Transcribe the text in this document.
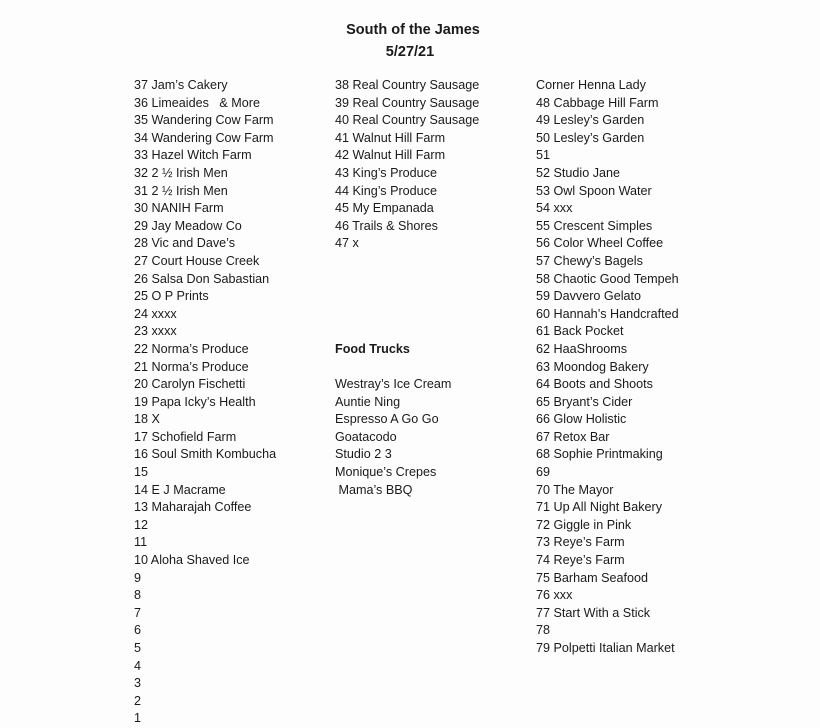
South of the James
5/27/21
37 Jam’s Cakery
36 Limeaides   & More
35 Wandering Cow Farm
34 Wandering Cow Farm
33 Hazel Witch Farm
32 2 ½ Irish Men
31 2 ½ Irish Men
30 NANIH Farm
29 Jay Meadow Co
28 Vic and Dave’s
27 Court House Creek
26 Salsa Don Sabastian
25 O P Prints
24 xxxx
23 xxxx
22 Norma’s Produce
21 Norma’s Produce
20 Carolyn Fischetti
19 Papa Icky’s Health
18 X
17 Schofield Farm
16 Soul Smith Kombucha
15
14 E J Macrame
13 Maharajah Coffee
12
11
10 Aloha Shaved Ice
9
8
7
6
5
4
3
2
1
38 Real Country Sausage
39 Real Country Sausage
40 Real Country Sausage
41 Walnut Hill Farm
42 Walnut Hill Farm
43 King’s Produce
44 King’s Produce
45 My Empanada
46 Trails & Shores
47 x
Food Trucks
Westray’s Ice Cream
Auntie Ning
Espresso A Go Go
Goatacodo
Studio 2 3
Monique’s Crepes
Mama’s BBQ
Corner Henna Lady
48 Cabbage Hill Farm
49 Lesley’s Garden
50 Lesley’s Garden
51
52 Studio Jane
53 Owl Spoon Water
54 xxx
55 Crescent Simples
56 Color Wheel Coffee
57 Chewy’s Bagels
58 Chaotic Good Tempeh
59 Davvero Gelato
60 Hannah’s Handcrafted
61 Back Pocket
62 HaaShrooms
63 Moondog Bakery
64 Boots and Shoots
65 Bryant’s Cider
66 Glow Holistic
67 Retox Bar
68 Sophie Printmaking
69
70 The Mayor
71 Up All Night Bakery
72 Giggle in Pink
73 Reye’s Farm
74 Reye’s Farm
75 Barham Seafood
76 xxx
77 Start With a Stick
78
79 Polpetti Italian Market
